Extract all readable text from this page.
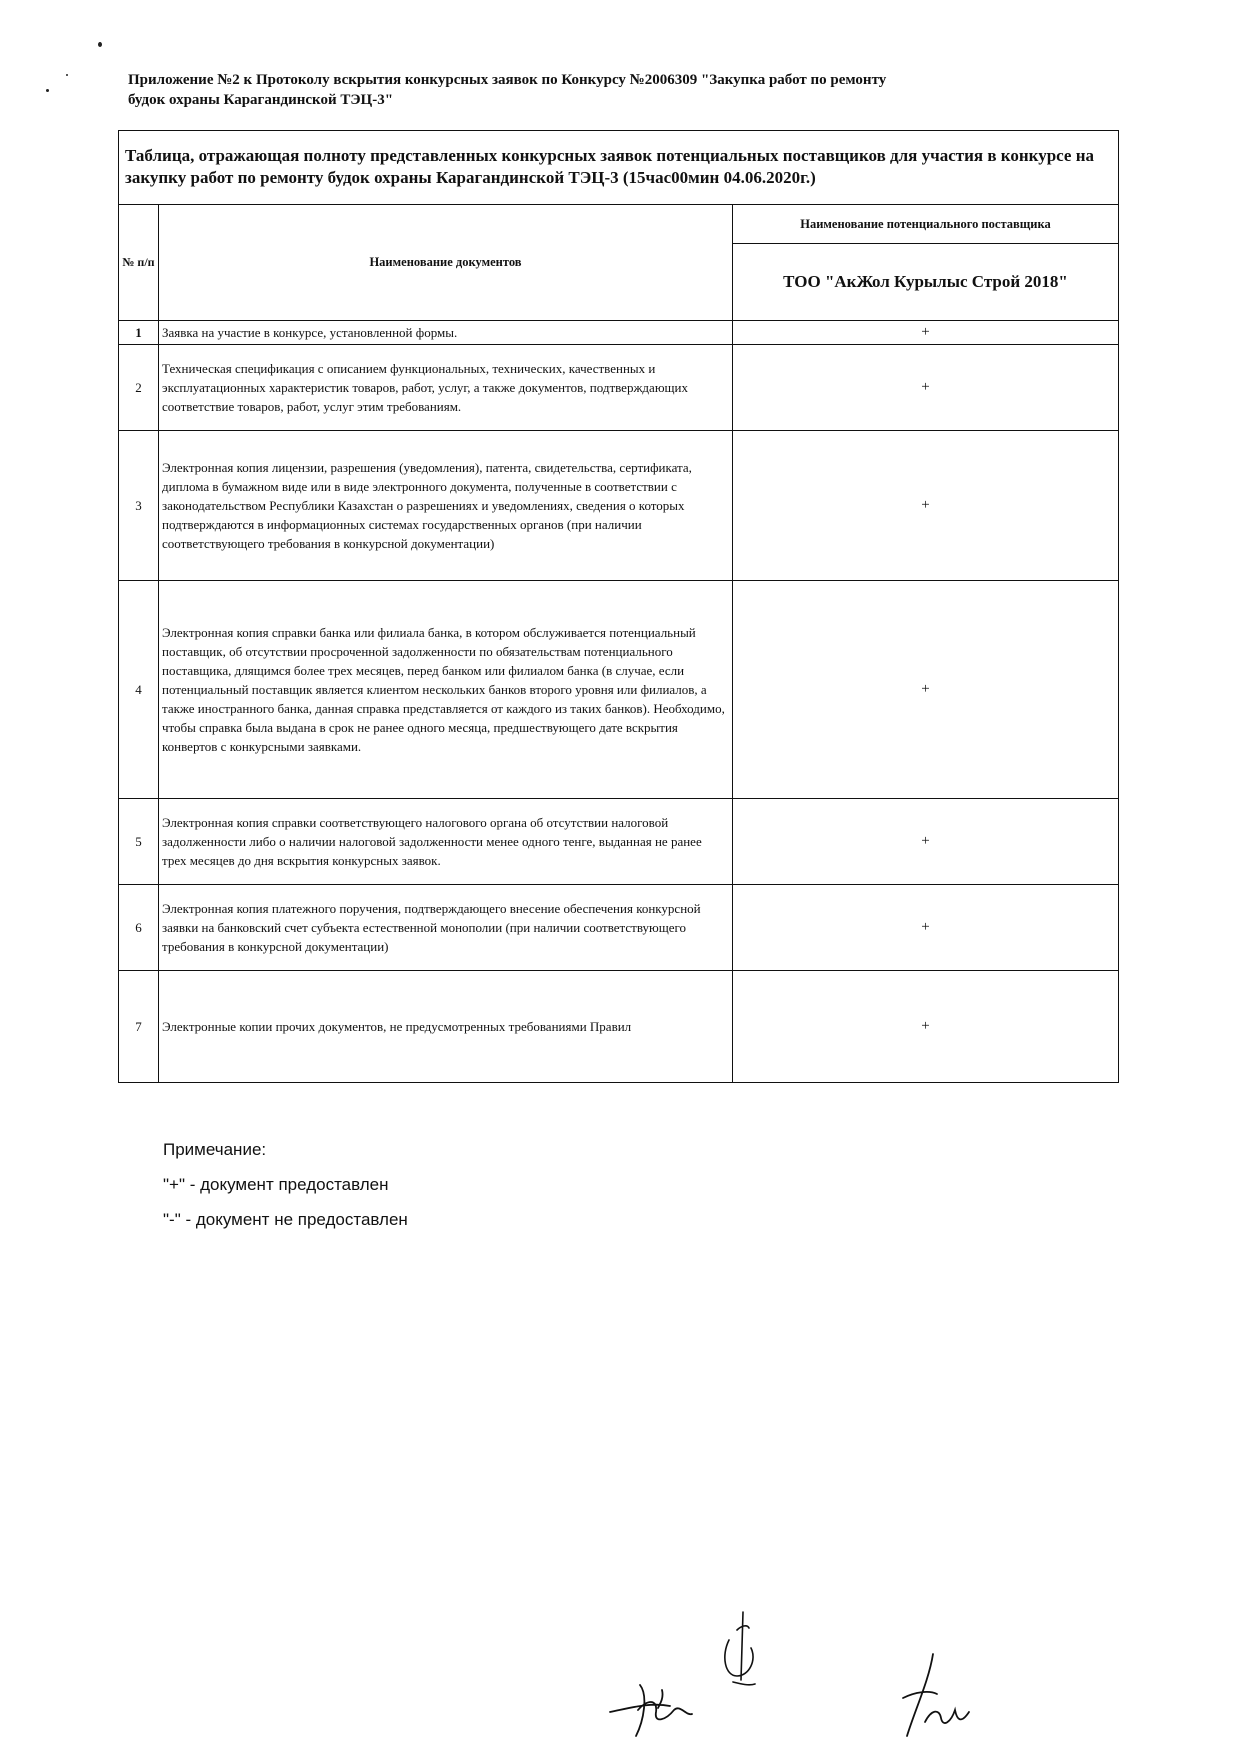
Приложение №2 к Протоколу вскрытия конкурсных заявок по Конкурсу №2006309 "Закупка работ по ремонту
будок охраны Карагандинской ТЭЦ-3"
Таблица, отражающая полноту представленных конкурсных заявок потенциальных поставщиков для участия в конкурсе на закупку работ по ремонту будок охраны Карагандинской ТЭЦ-3 (15час00мин 04.06.2020г.)		
№ п/п	Наименование документов	Наименование потенциального поставщика
		ТОО "АкЖол Курылыс Строй 2018"
1	Заявка на участие в конкурсе, установленной формы.	+
2	Техническая спецификация с описанием функциональных, технических, качественных и эксплуатационных характеристик товаров, работ, услуг, а также документов, подтверждающих соответствие товаров, работ, услуг этим требованиям.	+
3	Электронная копия лицензии, разрешения (уведомления), патента, свидетельства, сертификата, диплома в бумажном виде или в виде электронного документа, полученные в соответствии с законодательством Республики Казахстан о разрешениях и уведомлениях, сведения о которых подтверждаются в информационных системах государственных органов (при наличии соответствующего требования в конкурсной документации)	+
4	Электронная копия справки банка или филиала банка, в котором обслуживается потенциальный поставщик, об отсутствии просроченной задолженности по обязательствам потенциального поставщика, длящимся более трех месяцев, перед банком или филиалом банка (в случае, если потенциальный поставщик является клиентом нескольких банков второго уровня или филиалов, а также иностранного банка, данная справка представляется от каждого из таких банков). Необходимо, чтобы справка была выдана в срок не ранее одного месяца, предшествующего дате вскрытия конвертов с конкурсными заявками.	+
5	Электронная копия справки соответствующего налогового органа об отсутствии налоговой задолженности либо о наличии налоговой задолженности менее одного тенге, выданная не ранее трех месяцев до дня вскрытия конкурсных заявок.	+
6	Электронная копия платежного поручения, подтверждающего внесение обеспечения конкурсной заявки на банковский счет субъекта естественной монополии (при наличии соответствующего требования в конкурсной документации)	+
7	Электронные копии прочих документов, не предусмотренных требованиями Правил	+
Примечание:
"+" - документ предоставлен
"-" - документ не предоставлен
